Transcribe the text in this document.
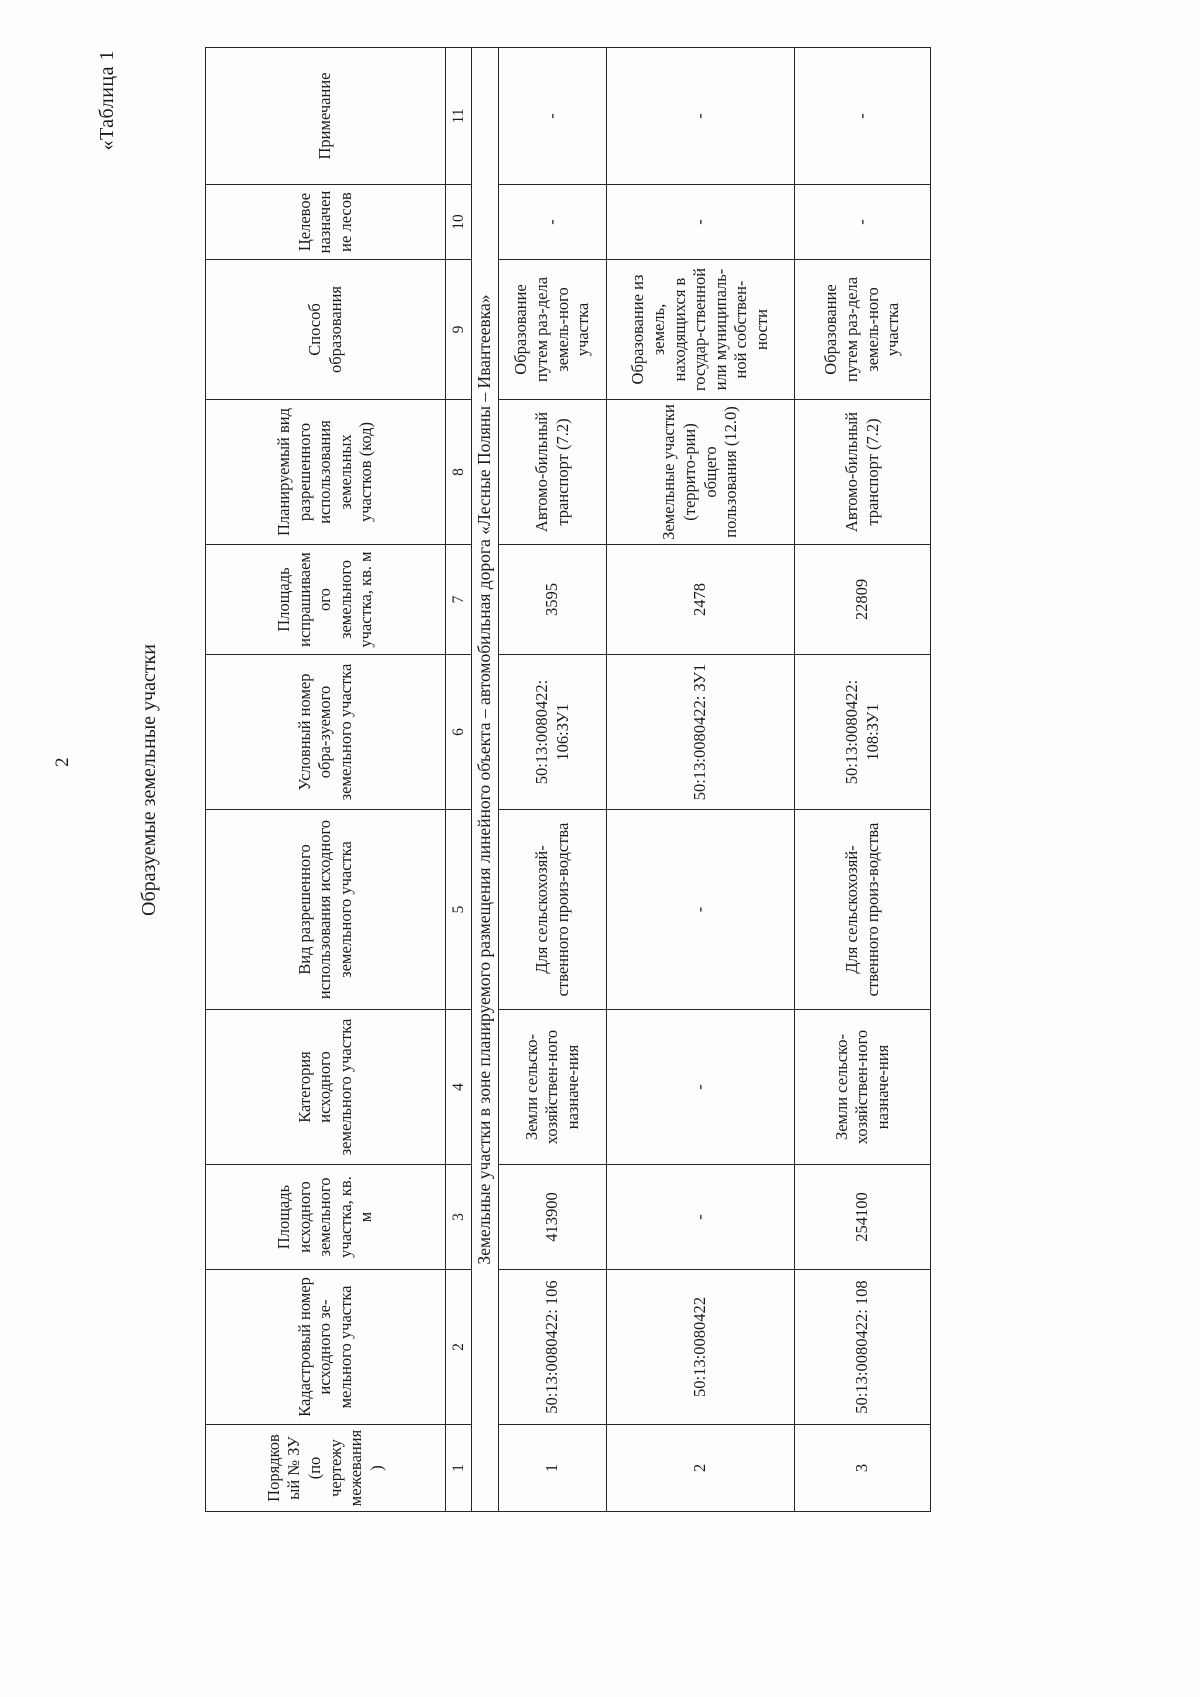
2
«Таблица 1
Образуемые земельные участки
Порядковый № ЗУ (по чертежу межевания)	Кадастровый номер исходного зе-мельного участка	Площадь исходного земельного участка, кв. м	Категория исходного земельного участка	Вид разрешенного использования исходного земельного участка	Условный номер обра-зуемого земельного участка	Площадь испрашиваемого земельного участка, кв. м	Планируемый вид разрешенного использования земельных участков (код)	Способ образования	Целевое назначение лесов	Примечание
1	2	3	4	5	6	7	8	9	10	11
Земельные участки в зоне планируемого размещения линейного объекта – автомобильная дорога «Лесные Поляны – Ивантеевка»										
1	50:13:0080422: 106	413900	Земли сельско-хозяйствен-ного назначе-ния	Для сельскохозяй-ственного произ-водства	50:13:0080422: 106:ЗУ1	3595	Автомо-бильный транспорт (7.2)	Образование путем раз-дела земель-ного участка	-	-
2	50:13:0080422	-	-	-	50:13:0080422: ЗУ1	2478	Земельные участки (террито-рии) общего пользования (12.0)	Образование из земель, находящихся в государ-ственной или муниципаль-ной собствен-ности	-	-
3	50:13:0080422: 108	254100	Земли сельско-хозяйствен-ного назначе-ния	Для сельскохозяй-ственного произ-водства	50:13:0080422: 108:ЗУ1	22809	Автомо-бильный транспорт (7.2)	Образование путем раз-дела земель-ного участка	-	-
